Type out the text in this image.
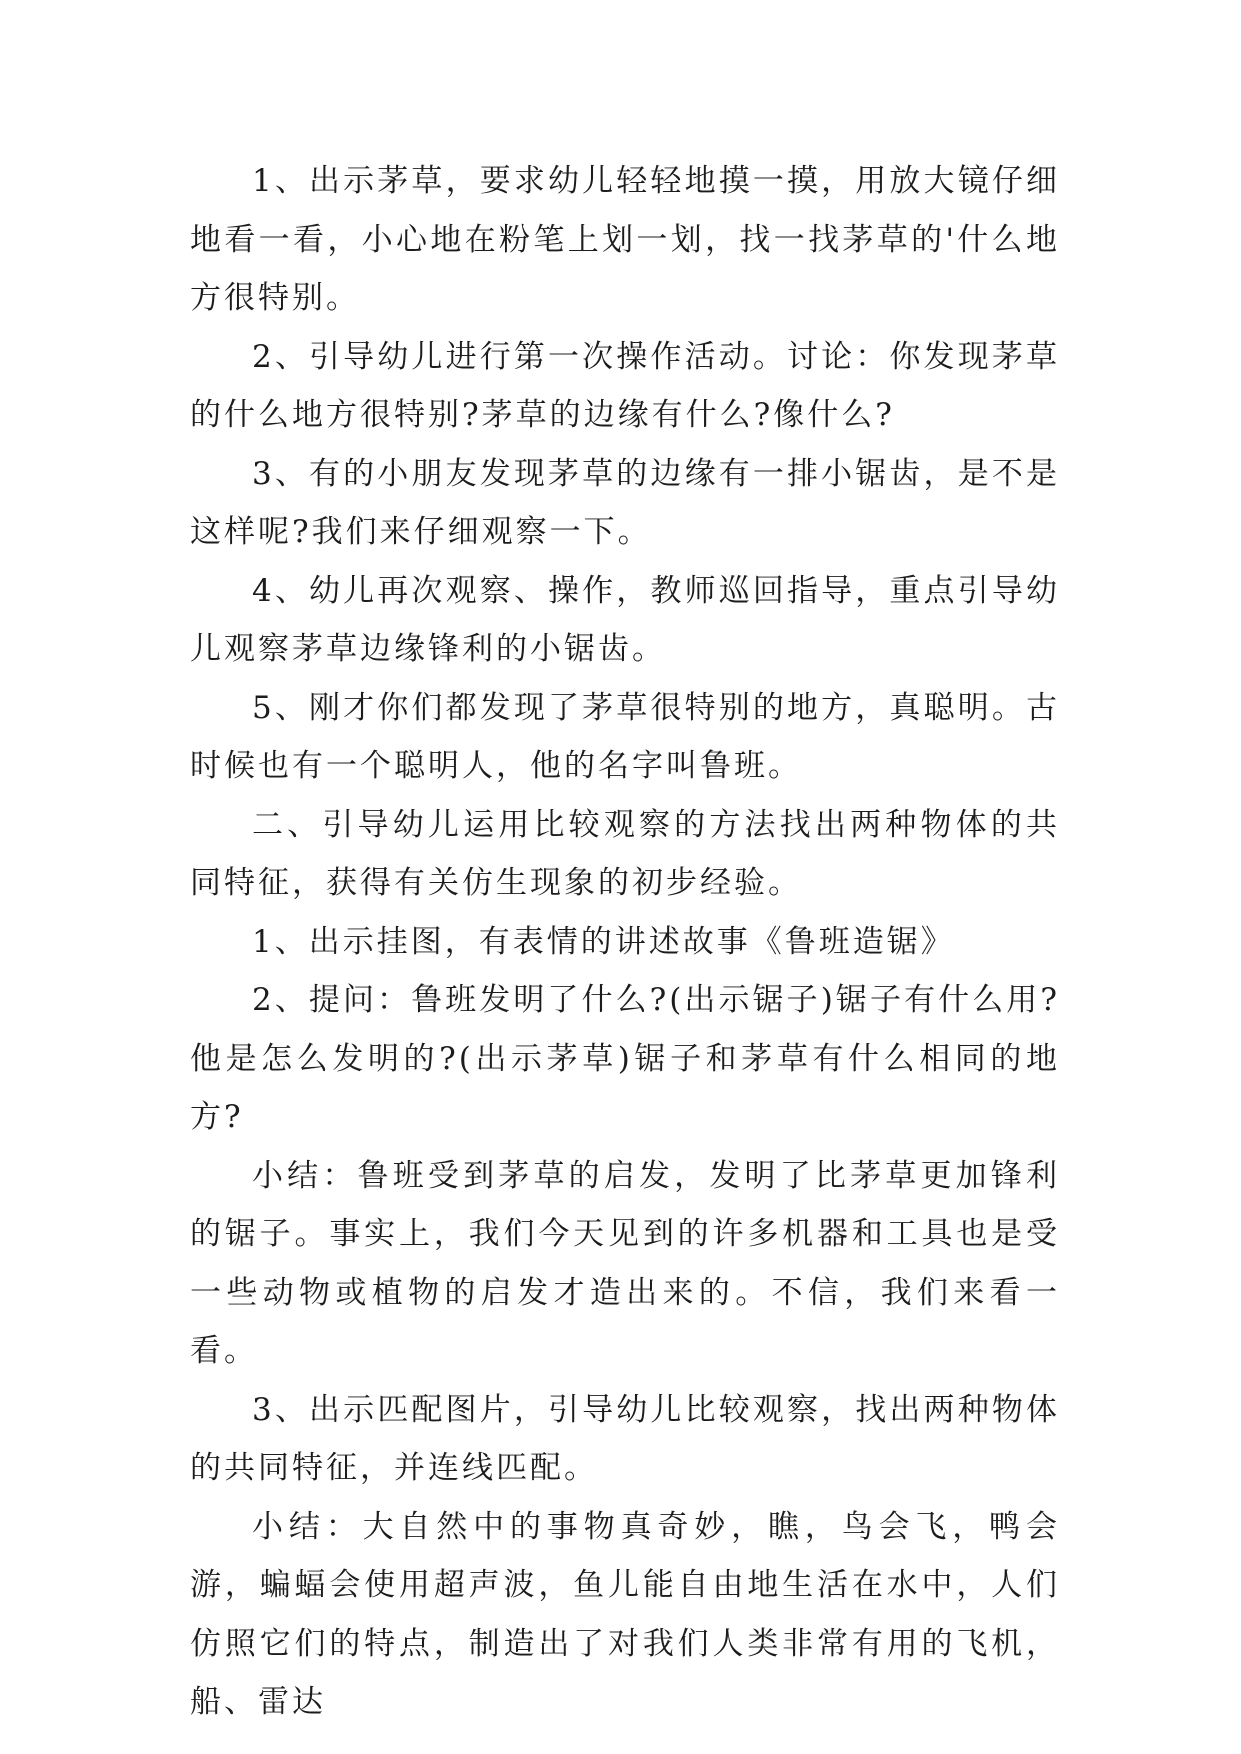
1、出示茅草，要求幼儿轻轻地摸一摸，用放大镜仔细地看一看，小心地在粉笔上划一划，找一找茅草的'什么地方很特别。

2、引导幼儿进行第一次操作活动。讨论：你发现茅草的什么地方很特别?茅草的边缘有什么?像什么?

3、有的小朋友发现茅草的边缘有一排小锯齿，是不是这样呢?我们来仔细观察一下。

4、幼儿再次观察、操作，教师巡回指导，重点引导幼儿观察茅草边缘锋利的小锯齿。

5、刚才你们都发现了茅草很特别的地方，真聪明。古时候也有一个聪明人，他的名字叫鲁班。

二、引导幼儿运用比较观察的方法找出两种物体的共同特征，获得有关仿生现象的初步经验。

1、出示挂图，有表情的讲述故事《鲁班造锯》

2、提问：鲁班发明了什么?(出示锯子)锯子有什么用?他是怎么发明的?(出示茅草)锯子和茅草有什么相同的地方?

小结：鲁班受到茅草的启发，发明了比茅草更加锋利的锯子。事实上，我们今天见到的许多机器和工具也是受一些动物或植物的启发才造出来的。不信，我们来看一看。

3、出示匹配图片，引导幼儿比较观察，找出两种物体的共同特征，并连线匹配。

小结：大自然中的事物真奇妙，瞧，鸟会飞，鸭会游，蝙蝠会使用超声波，鱼儿能自由地生活在水中，人们仿照它们的特点，制造出了对我们人类非常有用的飞机，船、雷达
